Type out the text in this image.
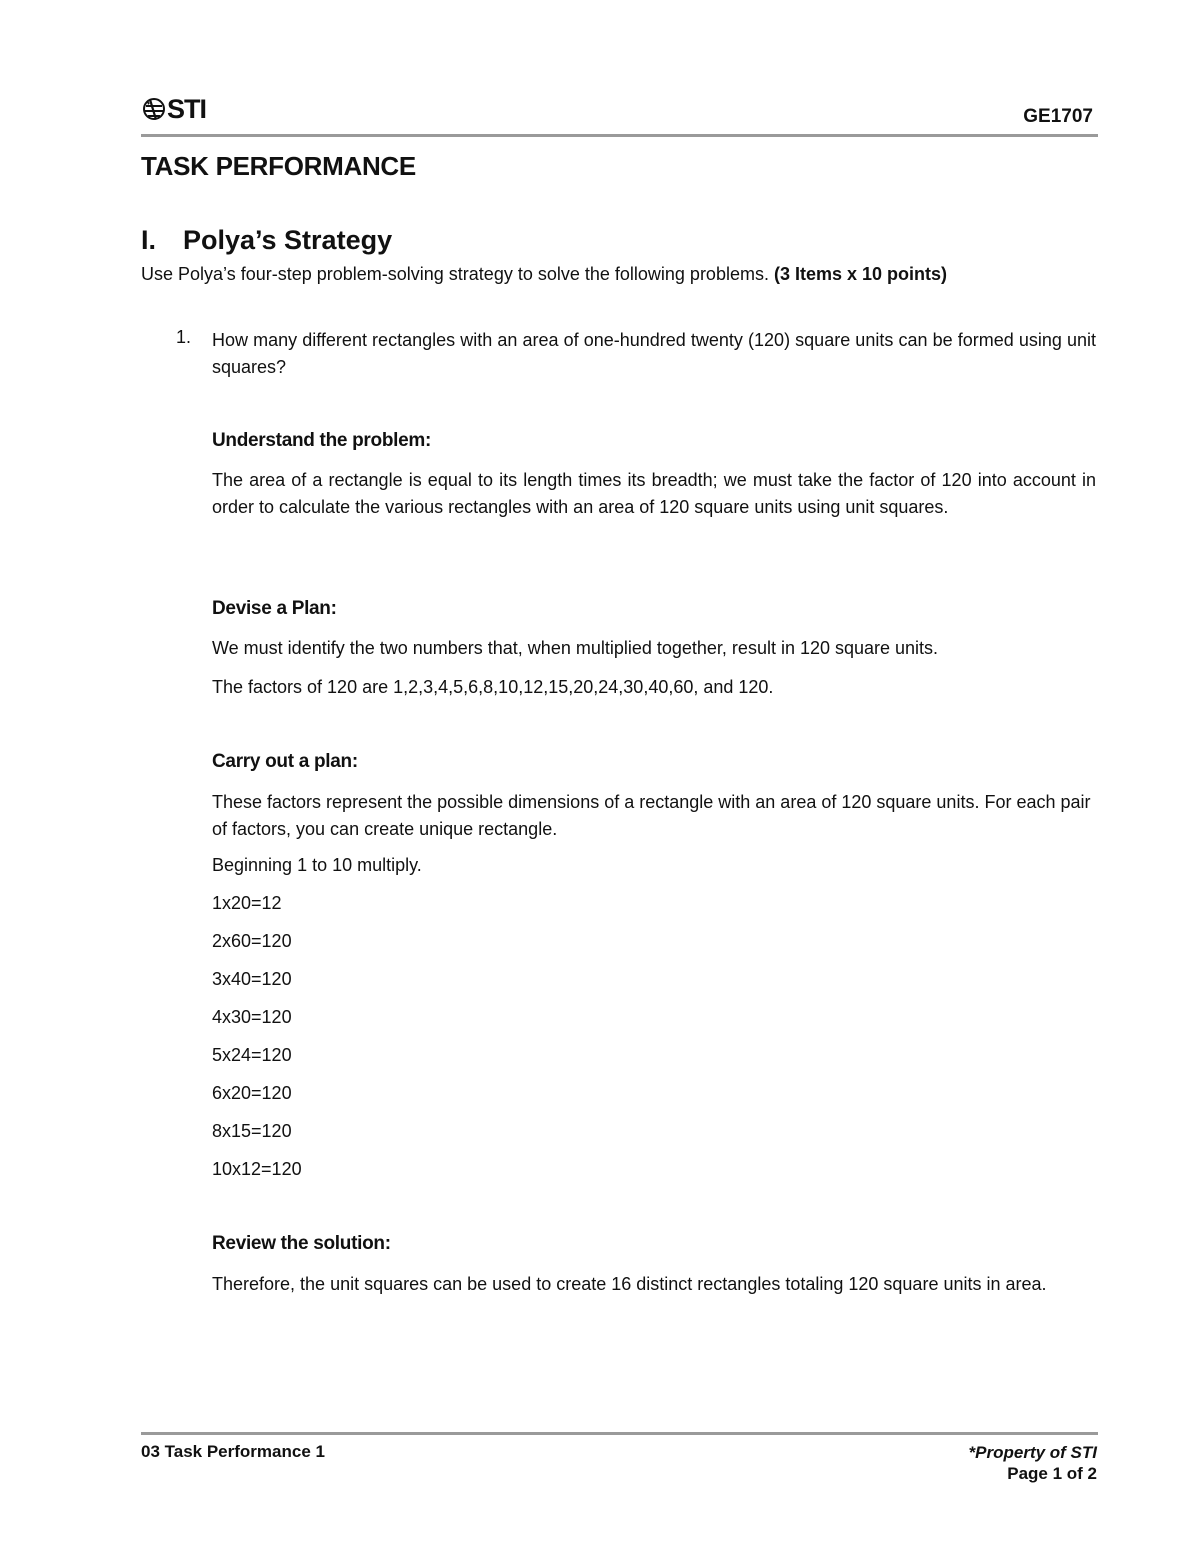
STI	GE1707
TASK PERFORMANCE
I. Polya’s Strategy
Use Polya’s four-step problem-solving strategy to solve the following problems. (3 Items x 10 points)
1. How many different rectangles with an area of one-hundred twenty (120) square units can be formed using unit squares?
Understand the problem:
The area of a rectangle is equal to its length times its breadth; we must take the factor of 120 into account in order to calculate the various rectangles with an area of 120 square units using unit squares.
Devise a Plan:
We must identify the two numbers that, when multiplied together, result in 120 square units.
The factors of 120 are 1,2,3,4,5,6,8,10,12,15,20,24,30,40,60, and 120.
Carry out a plan:
These factors represent the possible dimensions of a rectangle with an area of 120 square units. For each pair of factors, you can create unique rectangle.
Beginning 1 to 10 multiply.
1x20=12
2x60=120
3x40=120
4x30=120
5x24=120
6x20=120
8x15=120
10x12=120
Review the solution:
Therefore, the unit squares can be used to create 16 distinct rectangles totaling 120 square units in area.
03 Task Performance 1	*Property of STI
Page 1 of 2
